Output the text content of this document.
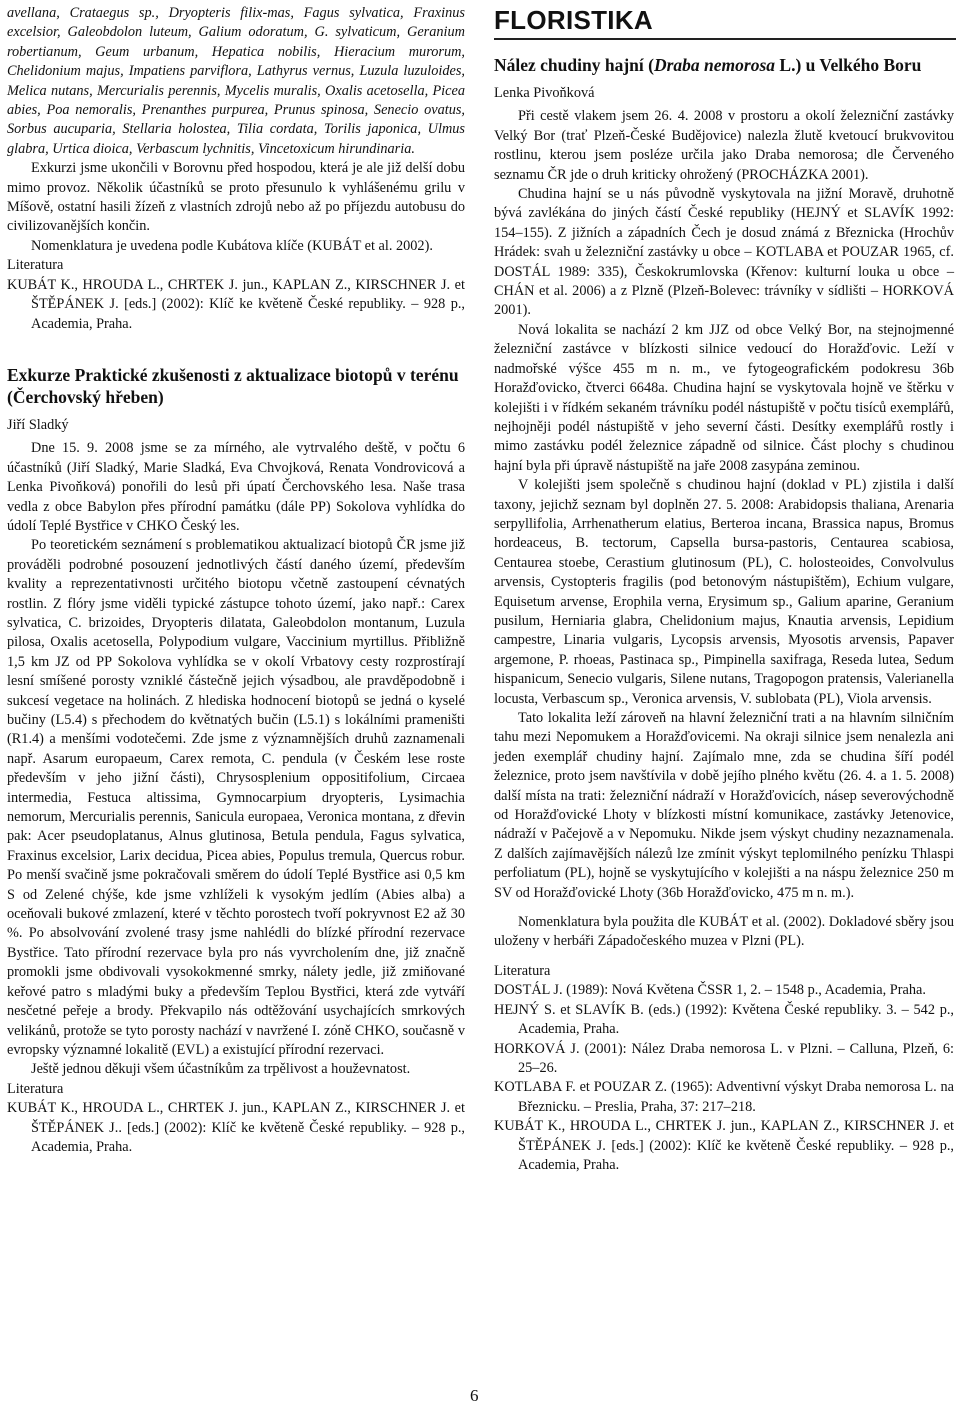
avellana, Crataegus sp., Dryopteris filix-mas, Fagus sylvatica, Fraxinus excelsior, Galeobdolon luteum, Galium odoratum, G. sylvaticum, Geranium robertianum, Geum urbanum, Hepatica nobilis, Hieracium murorum, Chelidonium majus, Impatiens parviflora, Lathyrus vernus, Luzula luzuloides, Melica nutans, Mercurialis perennis, Mycelis muralis, Oxalis acetosella, Picea abies, Poa nemoralis, Prenanthes purpurea, Prunus spinosa, Senecio ovatus, Sorbus aucuparia, Stellaria holostea, Tilia cordata, Torilis japonica, Ulmus glabra, Urtica dioica, Verbascum lychnitis, Vincetoxicum hirundinaria.

Exkurzi jsme ukončili v Borovnu před hospodou, která je ale již delší dobu mimo provoz. Několik účastníků se proto přesunulo k vyhlášenému grilu v Míšově, ostatní hasili žízeň z vlastních zdrojů nebo až po příjezdu autobusu do civilizovanějších končin.

Nomenklatura je uvedena podle Kubátova klíče (KUBÁT et al. 2002).

Literatura

KUBÁT K., HROUDA L., CHRTEK J. jun., KAPLAN Z., KIRSCHNER J. et ŠTĚPÁNEK J. [eds.] (2002): Klíč ke květeně České republiky. – 928 p., Academia, Praha.

Exkurze Praktické zkušenosti z aktualizace biotopů v terénu (Čerchovský hřeben)
Jiří Sladký

Dne 15. 9. 2008 jsme se za mírného, ale vytrvalého deště, v počtu 6 účastníků (Jiří Sladký, Marie Sladká, Eva Chvojková, Renata Vondrovicová a Lenka Pivoňková) ponořili do lesů při úpatí Čerchovského lesa. Naše trasa vedla z obce Babylon přes přírodní památku (dále PP) Sokolova vyhlídka do údolí Teplé Bystřice v CHKO Český les.

Po teoretickém seznámení s problematikou aktualizací biotopů ČR jsme již prováděli podrobné posouzení jednotlivých částí daného území, především kvality a reprezentativnosti určitého biotopu včetně zastoupení cévnatých rostlin. Z flóry jsme viděli typické zástupce tohoto území, jako např.: Carex sylvatica, C. brizoides, Dryopteris dilatata, Galeobdolon montanum, Luzula pilosa, Oxalis acetosella, Polypodium vulgare, Vaccinium myrtillus. Přibližně 1,5 km JZ od PP Sokolova vyhlídka se v okolí Vrbatovy cesty rozprostírají lesní smíšené porosty vzniklé částečně jejich výsadbou, ale pravděpodobně i sukcesí vegetace na holinách. Z hlediska hodnocení biotopů se jedná o kyselé bučiny (L5.4) s přechodem do květnatých bučin (L5.1) s lokálními prameništi (R1.4) a menšími vodotečemi. Zde jsme z významnějších druhů zaznamenali např. Asarum europaeum, Carex remota, C. pendula (v Českém lese roste především v jeho jižní části), Chrysosplenium oppositifolium, Circaea intermedia, Festuca altissima, Gymnocarpium dryopteris, Lysimachia nemorum, Mercurialis perennis, Sanicula europaea, Veronica montana, z dřevin pak: Acer pseudoplatanus, Alnus glutinosa, Betula pendula, Fagus sylvatica, Fraxinus excelsior, Larix decidua, Picea abies, Populus tremula, Quercus robur. Po menší svačině jsme pokračovali směrem do údolí Teplé Bystřice asi 0,5 km S od Zelené chýše, kde jsme vzhlíželi k vysokým jedlím (Abies alba) a oceňovali bukové zmlazení, které v těchto porostech tvoří pokryvnost E2 až 30 %. Po absolvování zvolené trasy jsme nahlédli do blízké přírodní rezervace Bystřice. Tato přírodní rezervace byla pro nás vyvrcholením dne, již značně promokli jsme obdivovali vysokokmenné smrky, nálety jedle, již zmiňované keřové patro s mladými buky a především Teplou Bystřici, která zde vytváří nesčetné peřeje a brody. Překvapilo nás odtěžování usychajících smrkových velikánů, protože se tyto porosty nachází v navržené I. zóně CHKO, současně v evropsky významné lokalitě (EVL) a existující přírodní rezervaci.

Ještě jednou děkuji všem účastníkům za trpělivost a houževnatost.

Literatura

KUBÁT K., HROUDA L., CHRTEK J. jun., KAPLAN Z., KIRSCHNER J. et ŠTĚPÁNEK J.. [eds.] (2002): Klíč ke květeně České republiky. – 928 p., Academia, Praha.

FLORISTIKA
Nález chudiny hajní (Draba nemorosa L.) u Velkého Boru
Lenka Pivoňková

Při cestě vlakem jsem 26. 4. 2008 v prostoru a okolí železniční zastávky Velký Bor (trať Plzeň-České Budějovice) nalezla žlutě kvetoucí brukvovitou rostlinu, kterou jsem posléze určila jako Draba nemorosa; dle Červeného seznamu ČR jde o druh kriticky ohrožený (PROCHÁZKA 2001).

Chudina hajní se u nás původně vyskytovala na jižní Moravě, druhotně bývá zavlékána do jiných částí České republiky (HEJNÝ et SLAVÍK 1992: 154–155). Z jižních a západních Čech je dosud známá z Březnicka (Hrochův Hrádek: svah u železniční zastávky u obce – KOTLABA et POUZAR 1965, cf. DOSTÁL 1989: 335), Českokrumlovska (Křenov: kulturní louka u obce – CHÁN et al. 2006) a z Plzně (Plzeň-Bolevec: trávníky v sídlišti – HORKOVÁ 2001).

Nová lokalita se nachází 2 km JJZ od obce Velký Bor, na stejnojmenné železniční zastávce v blízkosti silnice vedoucí do Horažďovic. Leží v nadmořské výšce 455 m n. m., ve fytogeografickém podokresu 36b Horažďovicko, čtverci 6648a. Chudina hajní se vyskytovala hojně ve štěrku v kolejišti i v řídkém sekaném trávníku podél nástupiště v počtu tisíců exemplářů, nejhojněji podél nástupiště v jeho severní části. Desítky exemplářů rostly i mimo zastávku podél železnice západně od silnice. Část plochy s chudinou hajní byla při úpravě nástupiště na jaře 2008 zasypána zeminou.

V kolejišti jsem společně s chudinou hajní (doklad v PL) zjistila i další taxony, jejichž seznam byl doplněn 27. 5. 2008: Arabidopsis thaliana, Arenaria serpyllifolia, Arrhenatherum elatius, Berteroa incana, Brassica napus, Bromus hordeaceus, B. tectorum, Capsella bursa-pastoris, Centaurea scabiosa, Centaurea stoebe, Cerastium glutinosum (PL), C. holosteoides, Convolvulus arvensis, Cystopteris fragilis (pod betonovým nástupištěm), Echium vulgare, Equisetum arvense, Erophila verna, Erysimum sp., Galium aparine, Geranium pusilum, Herniaria glabra, Chelidonium majus, Knautia arvensis, Lepidium campestre, Linaria vulgaris, Lycopsis arvensis, Myosotis arvensis, Papaver argemone, P. rhoeas, Pastinaca sp., Pimpinella saxifraga, Reseda lutea, Sedum hispanicum, Senecio vulgaris, Silene nutans, Tragopogon pratensis, Valerianella locusta, Verbascum sp., Veronica arvensis, V. sublobata (PL), Viola arvensis.

Tato lokalita leží zároveň na hlavní železniční trati a na hlavním silničním tahu mezi Nepomukem a Horažďovicemi. Na okraji silnice jsem nenalezla ani jeden exemplář chudiny hajní. Zajímalo mne, zda se chudina šíří podél železnice, proto jsem navštívila v době jejího plného květu (26. 4. a 1. 5. 2008) další místa na trati: železniční nádraží v Horažďovicích, násep severovýchodně od Horažďovické Lhoty v blízkosti místní komunikace, zastávky Jetenovice, nádraží v Pačejově a v Nepomuku. Nikde jsem výskyt chudiny nezaznamenala. Z dalších zajímavějších nálezů lze zmínit výskyt teplomilného penízku Thlaspi perfoliatum (PL), hojně se vyskytujícího v kolejišti a na náspu železnice 250 m SV od Horažďovické Lhoty (36b Horažďovicko, 475 m n. m.).

Nomenklatura byla použita dle KUBÁT et al. (2002). Dokladové sběry jsou uloženy v herbáři Západočeského muzea v Plzni (PL).

Literatura

DOSTÁL J. (1989): Nová Květena ČSSR 1, 2. – 1548 p., Academia, Praha.

HEJNÝ S. et SLAVÍK B. (eds.) (1992): Květena České republiky. 3. – 542 p., Academia, Praha.

HORKOVÁ J. (2001): Nález Draba nemorosa L. v Plzni. – Calluna, Plzeň, 6: 25–26.

KOTLABA F. et POUZAR Z. (1965): Adventivní výskyt Draba nemorosa L. na Březnicku. – Preslia, Praha, 37: 217–218.

KUBÁT K., HROUDA L., CHRTEK J. jun., KAPLAN Z., KIRSCHNER J. et ŠTĚPÁNEK J. [eds.] (2002): Klíč ke květeně České republiky. – 928 p., Academia, Praha.

6
